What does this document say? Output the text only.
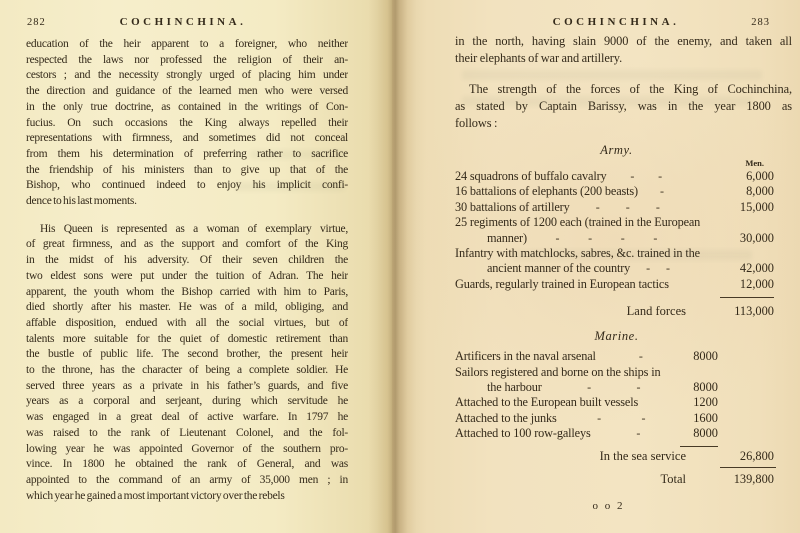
282	COCHINCHINA.
education of the heir apparent to a foreigner, who neither
respected the laws nor professed the religion of their an-
cestors ; and the necessity strongly urged of placing him under
the direction and guidance of the learned men who were versed
in the only true doctrine, as contained in the writings of Con-
fucius. On such occasions the King always repelled their
representations with firmness, and sometimes did not conceal
from them his determination of preferring rather to sacrifice
the friendship of his ministers than to give up that of the
Bishop, who continued indeed to enjoy his implicit confi-
dence to his last moments.
His Queen is represented as a woman of exemplary virtue,
of great firmness, and as the support and comfort of the King
in the midst of his adversity. Of their seven children the
two eldest sons were put under the tuition of Adran. The heir
apparent, the youth whom the Bishop carried with him to Paris,
died shortly after his master. He was of a mild, obliging, and
affable disposition, endued with all the social virtues, but of
talents more suitable for the quiet of domestic retirement than
the bustle of public life. The second brother, the present heir
to the throne, has the character of being a complete soldier. He
served three years as a private in his father’s guards, and five
years as a corporal and serjeant, during which servitude he
was engaged in a great deal of active warfare. In 1797 he
was raised to the rank of Lieutenant Colonel, and the fol-
lowing year he was appointed Governor of the southern pro-
vince. In 1800 he obtained the rank of General, and was
appointed to the command of an army of 35,000 men ; in
which year he gained a most important victory over the rebels
COCHINCHINA.	283
in the north, having slain 9000 of the enemy, and taken all
their elephants of war and artillery.
The strength of the forces of the King of Cochinchina,
as stated by Captain Barissy, was in the year 1800 as
follows :
Army.
Men.
24 squadrons of buffalo cavalry - -	6,000
16 battalions of elephants (200 beasts) -	8,000
30 battalions of artillery - - -	15,000
25 regiments of 1200 each (trained in the European
manner) - - - -	30,000
Infantry with matchlocks, sabres, &c. trained in the
ancient manner of the country - -	42,000
Guards, regularly trained in European tactics	12,000
Land forces	113,000
Marine.
Artificers in the naval arsenal	-	8000
Sailors registered and borne on the ships in
the harbour	-	-	8000
Attached to the European built vessels	1200
Attached to the junks	-	-	1600
Attached to 100 row-galleys	-	8000
In the sea service	26,800
Total	139,800
o o 2
